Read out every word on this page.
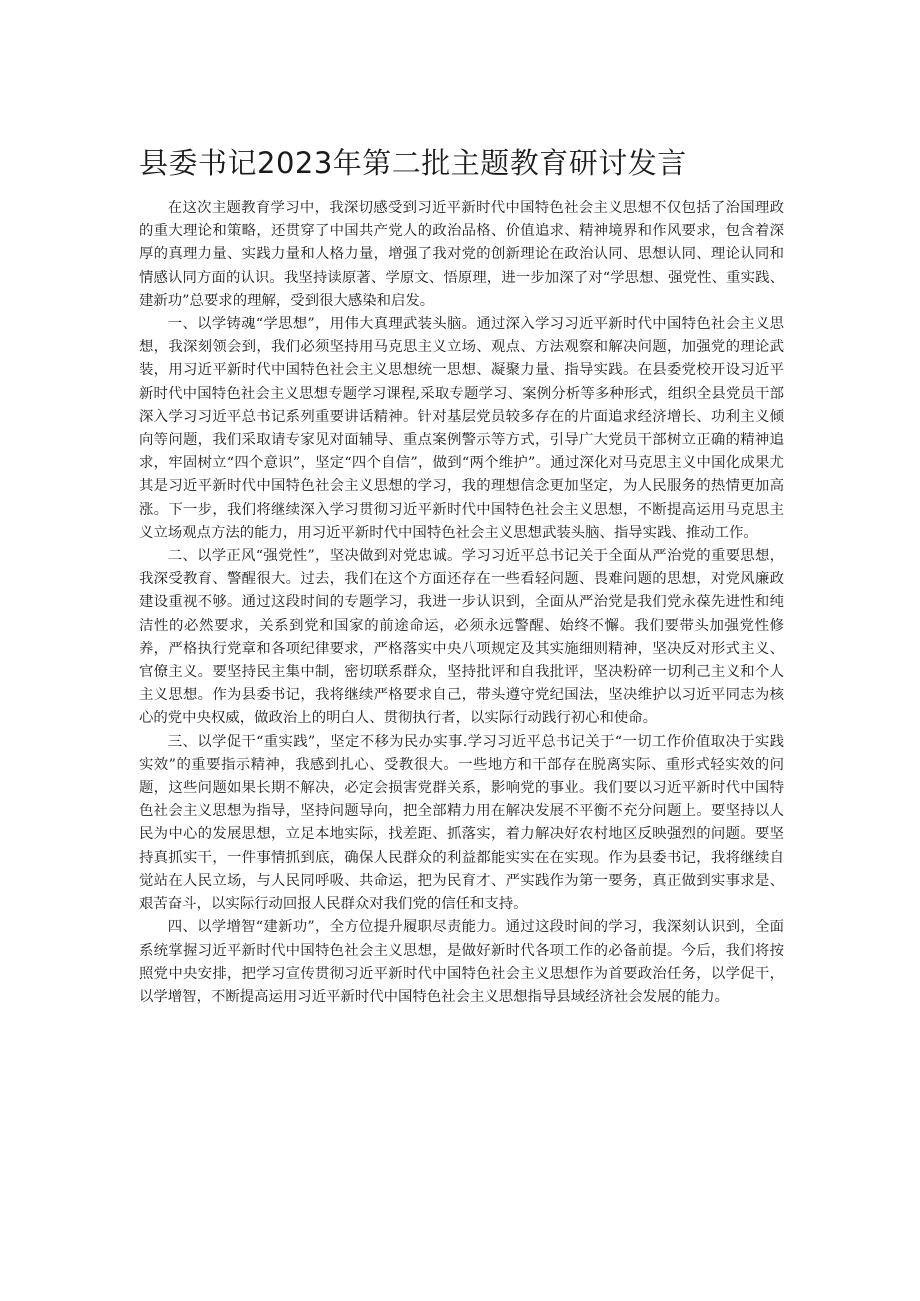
县委书记2023年第二批主题教育研讨发言

在这次主题教育学习中，我深切感受到习近平新时代中国特色社会主义思想不仅包括了治国理政的重大理论和策略，还贯穿了中国共产党人的政治品格、价值追求、精神境界和作风要求，包含着深厚的真理力量、实践力量和人格力量，增强了我对党的创新理论在政治认同、思想认同、理论认同和情感认同方面的认识。我坚持读原著、学原文、悟原理，进一步加深了对“学思想、强党性、重实践、建新功”总要求的理解，受到很大感染和启发。

一、以学铸魂“学思想”，用伟大真理武装头脑。通过深入学习习近平新时代中国特色社会主义思想，我深刻领会到，我们必须坚持用马克思主义立场、观点、方法观察和解决问题，加强党的理论武装，用习近平新时代中国特色社会主义思想统一思想、凝聚力量、指导实践。在县委党校开设习近平新时代中国特色社会主义思想专题学习课程,采取专题学习、案例分析等多种形式，组织全县党员干部深入学习习近平总书记系列重要讲话精神。针对基层党员较多存在的片面追求经济增长、功利主义倾向等问题，我们采取请专家见对面辅导、重点案例警示等方式，引导广大党员干部树立正确的精神追求，牢固树立“四个意识”，坚定“四个自信”，做到“两个维护”。通过深化对马克思主义中国化成果尤其是习近平新时代中国特色社会主义思想的学习，我的理想信念更加坚定，为人民服务的热情更加高涨。下一步，我们将继续深入学习贯彻习近平新时代中国特色社会主义思想，不断提高运用马克思主义立场观点方法的能力，用习近平新时代中国特色社会主义思想武装头脑、指导实践、推动工作。

二、以学正风“强党性”，坚决做到对党忠诚。学习习近平总书记关于全面从严治党的重要思想，我深受教育、警醒很大。过去，我们在这个方面还存在一些看轻问题、畏难问题的思想，对党风廉政建设重视不够。通过这段时间的专题学习，我进一步认识到，全面从严治党是我们党永葆先进性和纯洁性的必然要求，关系到党和国家的前途命运，必须永远警醒、始终不懈。我们要带头加强党性修养，严格执行党章和各项纪律要求，严格落实中央八项规定及其实施细则精神，坚决反对形式主义、官僚主义。要坚持民主集中制，密切联系群众，坚持批评和自我批评，坚决粉碎一切利己主义和个人主义思想。作为县委书记，我将继续严格要求自己，带头遵守党纪国法，坚决维护以习近平同志为核心的党中央权威，做政治上的明白人、贯彻执行者，以实际行动践行初心和使命。

三、以学促干“重实践”，坚定不移为民办实事.学习习近平总书记关于“一切工作价值取决于实践实效”的重要指示精神，我感到扎心、受教很大。一些地方和干部存在脱离实际、重形式轻实效的问题，这些问题如果长期不解决，必定会损害党群关系，影响党的事业。我们要以习近平新时代中国特色社会主义思想为指导，坚持问题导向，把全部精力用在解决发展不平衡不充分问题上。要坚持以人民为中心的发展思想，立足本地实际，找差距、抓落实，着力解决好农村地区反映强烈的问题。要坚持真抓实干，一件事情抓到底，确保人民群众的利益都能实实在在实现。作为县委书记，我将继续自觉站在人民立场，与人民同呼吸、共命运，把为民育才、严实践作为第一要务，真正做到实事求是、艰苦奋斗，以实际行动回报人民群众对我们党的信任和支持。

四、以学增智“建新功”，全方位提升履职尽责能力。通过这段时间的学习，我深刻认识到，全面系统掌握习近平新时代中国特色社会主义思想，是做好新时代各项工作的必备前提。今后，我们将按照党中央安排，把学习宣传贯彻习近平新时代中国特色社会主义思想作为首要政治任务，以学促干，以学增智，不断提高运用习近平新时代中国特色社会主义思想指导县域经济社会发展的能力。
